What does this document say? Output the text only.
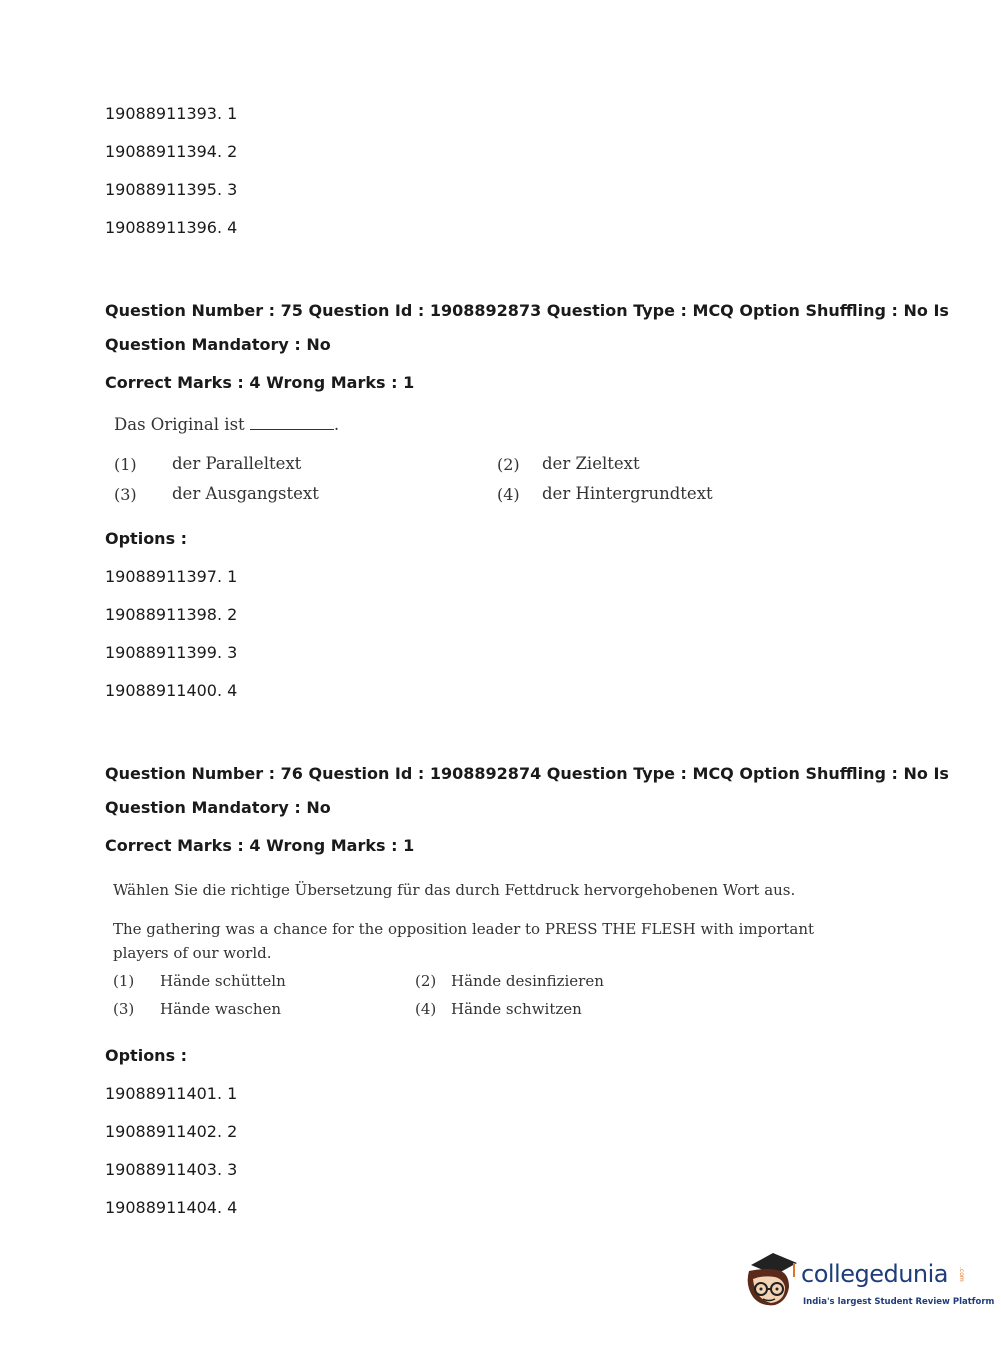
19088911393. 1
19088911394. 2
19088911395. 3
19088911396. 4
Question Number : 75 Question Id : 1908892873 Question Type : MCQ Option Shuffling : No Is
Question Mandatory : No
Correct Marks : 4 Wrong Marks : 1
Das Original ist	.
(1) der Paralleltext	(2) der Zieltext
(3) der Ausgangstext	(4) der Hintergrundtext
Options :
19088911397. 1
19088911398. 2
19088911399. 3
19088911400. 4
Question Number : 76 Question Id : 1908892874 Question Type : MCQ Option Shuffling : No Is
Question Mandatory : No
Correct Marks : 4 Wrong Marks : 1
Wählen Sie die richtige Übersetzung für das durch Fettdruck hervorgehobenen Wort aus.
The gathering was a chance for the opposition leader to PRESS THE FLESH with important
players of our world.
(1) Hände schütteln	(2) Hände desinfizieren
(3) Hände waschen	(4) Hände schwitzen
Options :
19088911401. 1
19088911402. 2
19088911403. 3
19088911404. 4
collegedunia .com
India's largest Student Review Platform
